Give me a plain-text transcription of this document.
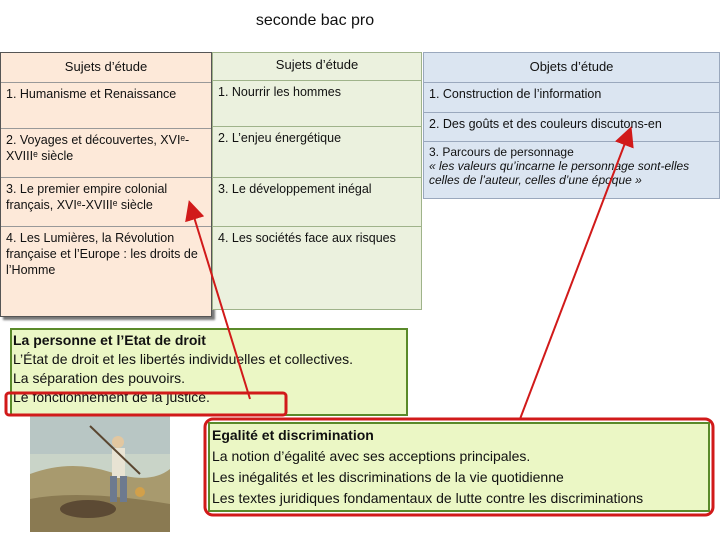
seconde bac pro
Sujets d’étude
1. Humanisme et Renaissance
2. Voyages et découvertes, XVIᵉ-XVIIIᵉ siècle
3. Le premier empire colonial français, XVIᵉ-XVIIIᵉ siècle
4. Les Lumières, la Révolution française et l’Europe : les droits de l’Homme
Sujets d’étude
1. Nourrir les hommes
2. L’enjeu énergétique
3. Le développement inégal
4. Les sociétés face aux risques
Objets d’étude
1. Construction de l’information
2. Des goûts et des couleurs discutons-en
3. Parcours de personnage
« les valeurs qu’incarne le personnage sont-elles celles de l’auteur, celles d’une époque »
La personne et l’Etat de droit
L’État de droit et les libertés individuelles et collectives.
La séparation des pouvoirs.
Le fonctionnement de la justice.
Egalité et discrimination
La notion d’égalité avec ses acceptions principales.
Les inégalités et les discriminations de la vie quotidienne
Les textes juridiques fondamentaux de lutte contre les discriminations
